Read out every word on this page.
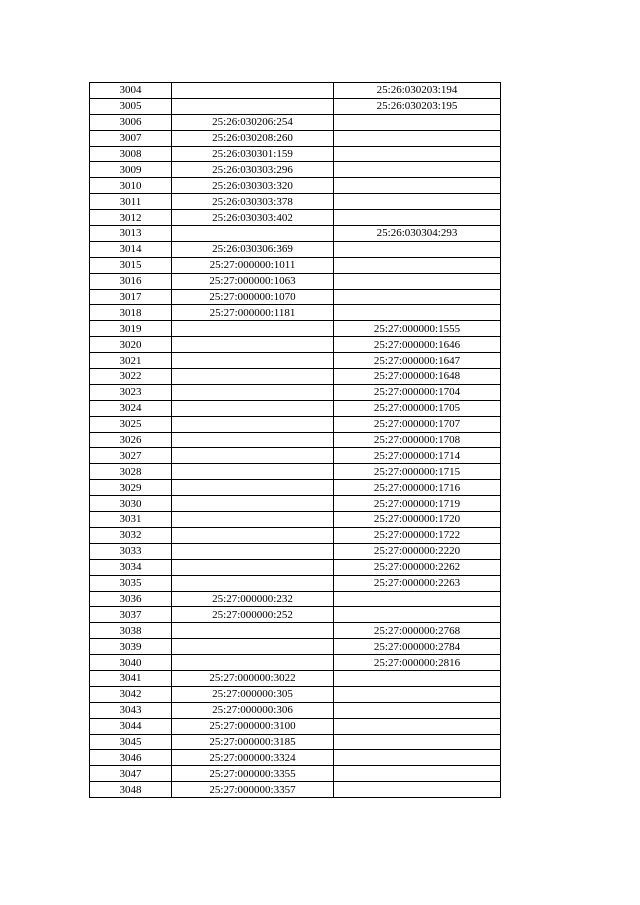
3004		25:26:030203:194
3005		25:26:030203:195
3006	25:26:030206:254	
3007	25:26:030208:260	
3008	25:26:030301:159	
3009	25:26:030303:296	
3010	25:26:030303:320	
3011	25:26:030303:378	
3012	25:26:030303:402	
3013		25:26:030304:293
3014	25:26:030306:369	
3015	25:27:000000:1011	
3016	25:27:000000:1063	
3017	25:27:000000:1070	
3018	25:27:000000:1181	
3019		25:27:000000:1555
3020		25:27:000000:1646
3021		25:27:000000:1647
3022		25:27:000000:1648
3023		25:27:000000:1704
3024		25:27:000000:1705
3025		25:27:000000:1707
3026		25:27:000000:1708
3027		25:27:000000:1714
3028		25:27:000000:1715
3029		25:27:000000:1716
3030		25:27:000000:1719
3031		25:27:000000:1720
3032		25:27:000000:1722
3033		25:27:000000:2220
3034		25:27:000000:2262
3035		25:27:000000:2263
3036	25:27:000000:232	
3037	25:27:000000:252	
3038		25:27:000000:2768
3039		25:27:000000:2784
3040		25:27:000000:2816
3041	25:27:000000:3022	
3042	25:27:000000:305	
3043	25:27:000000:306	
3044	25:27:000000:3100	
3045	25:27:000000:3185	
3046	25:27:000000:3324	
3047	25:27:000000:3355	
3048	25:27:000000:3357	
